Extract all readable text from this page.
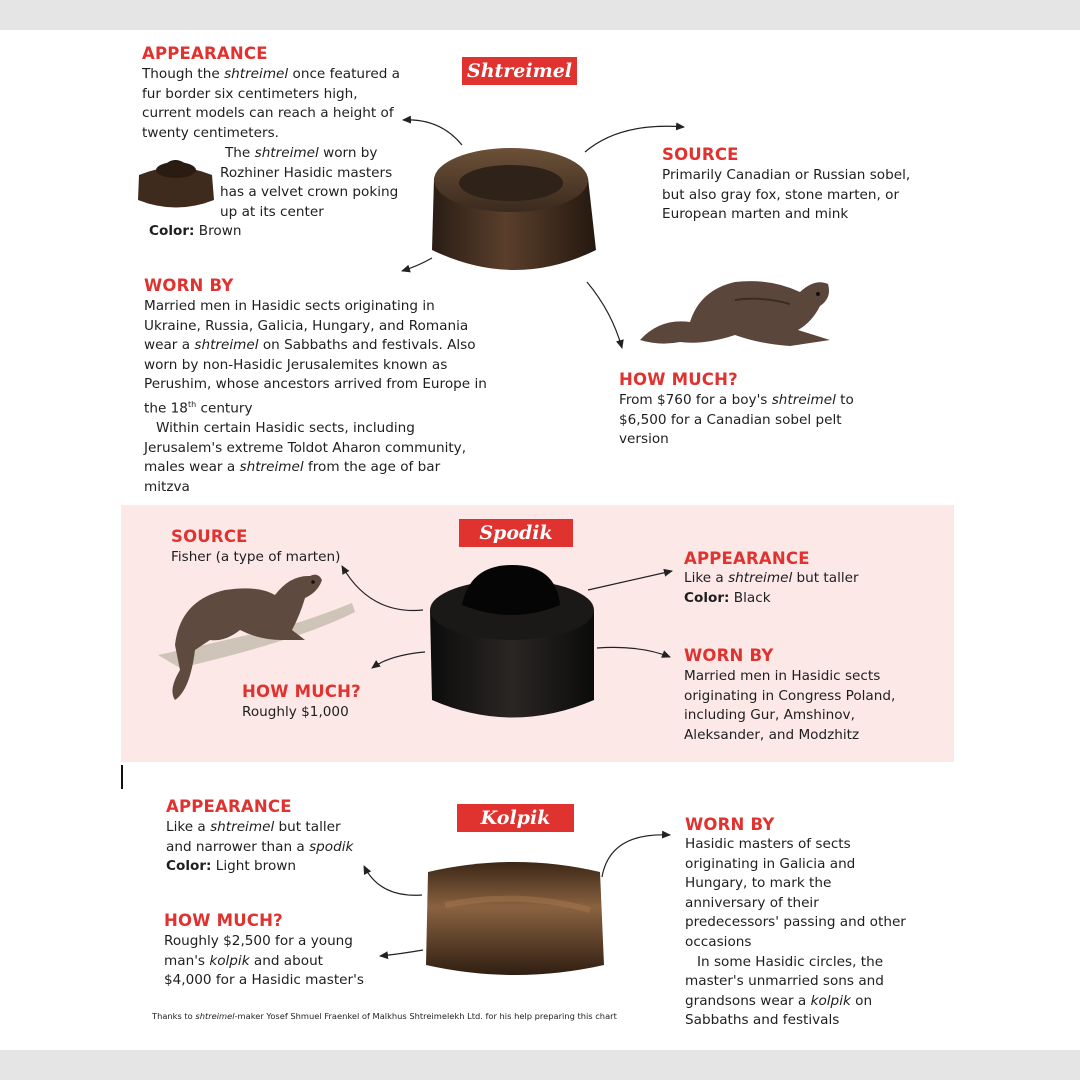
Shtreimel
APPEARANCE
Though the shtreimel once featured a fur border six centimeters high, current models can reach a height of twenty centimeters.
The shtreimel worn by Rozhiner Hasidic masters has a velvet crown poking up at its center
Color: Brown
WORN BY

Married men in Hasidic sects originating in Ukraine, Russia, Galicia, Hungary, and Romania wear a shtreimel on Sabbaths and festivals. Also worn by non-Hasidic Jerusalemites known as Perushim, whose ancestors arrived from Europe in the 18th century

Within certain Hasidic sects, including Jerusalem's extreme Toldot Aharon community, males wear a shtreimel from the age of bar mitzva

SOURCE
Primarily Canadian or Russian sobel, but also gray fox, stone marten, or European marten and mink
HOW MUCH?
From $760 for a boy's shtreimel to $6,500 for a Canadian sobel pelt version
Spodik
SOURCE
Fisher (a type of marten)
HOW MUCH?
Roughly $1,000
APPEARANCE

Like a shtreimel but taller

Color: Black

WORN BY
Married men in Hasidic sects originating in Congress Poland, including Gur, Amshinov, Aleksander, and Modzhitz
Kolpik
APPEARANCE

Like a shtreimel but taller and narrower than a spodik

Color: Light brown

HOW MUCH?
Roughly $2,500 for a young man's kolpik and about $4,000 for a Hasidic master's
WORN BY

Hasidic masters of sects originating in Galicia and Hungary, to mark the anniversary of their predecessors' passing and other occasions

In some Hasidic circles, the master's unmarried sons and grandsons wear a kolpik on Sabbaths and festivals

Thanks to shtreimel-maker Yosef Shmuel Fraenkel of Malkhus Shtreimelekh Ltd. for his help preparing this chart
